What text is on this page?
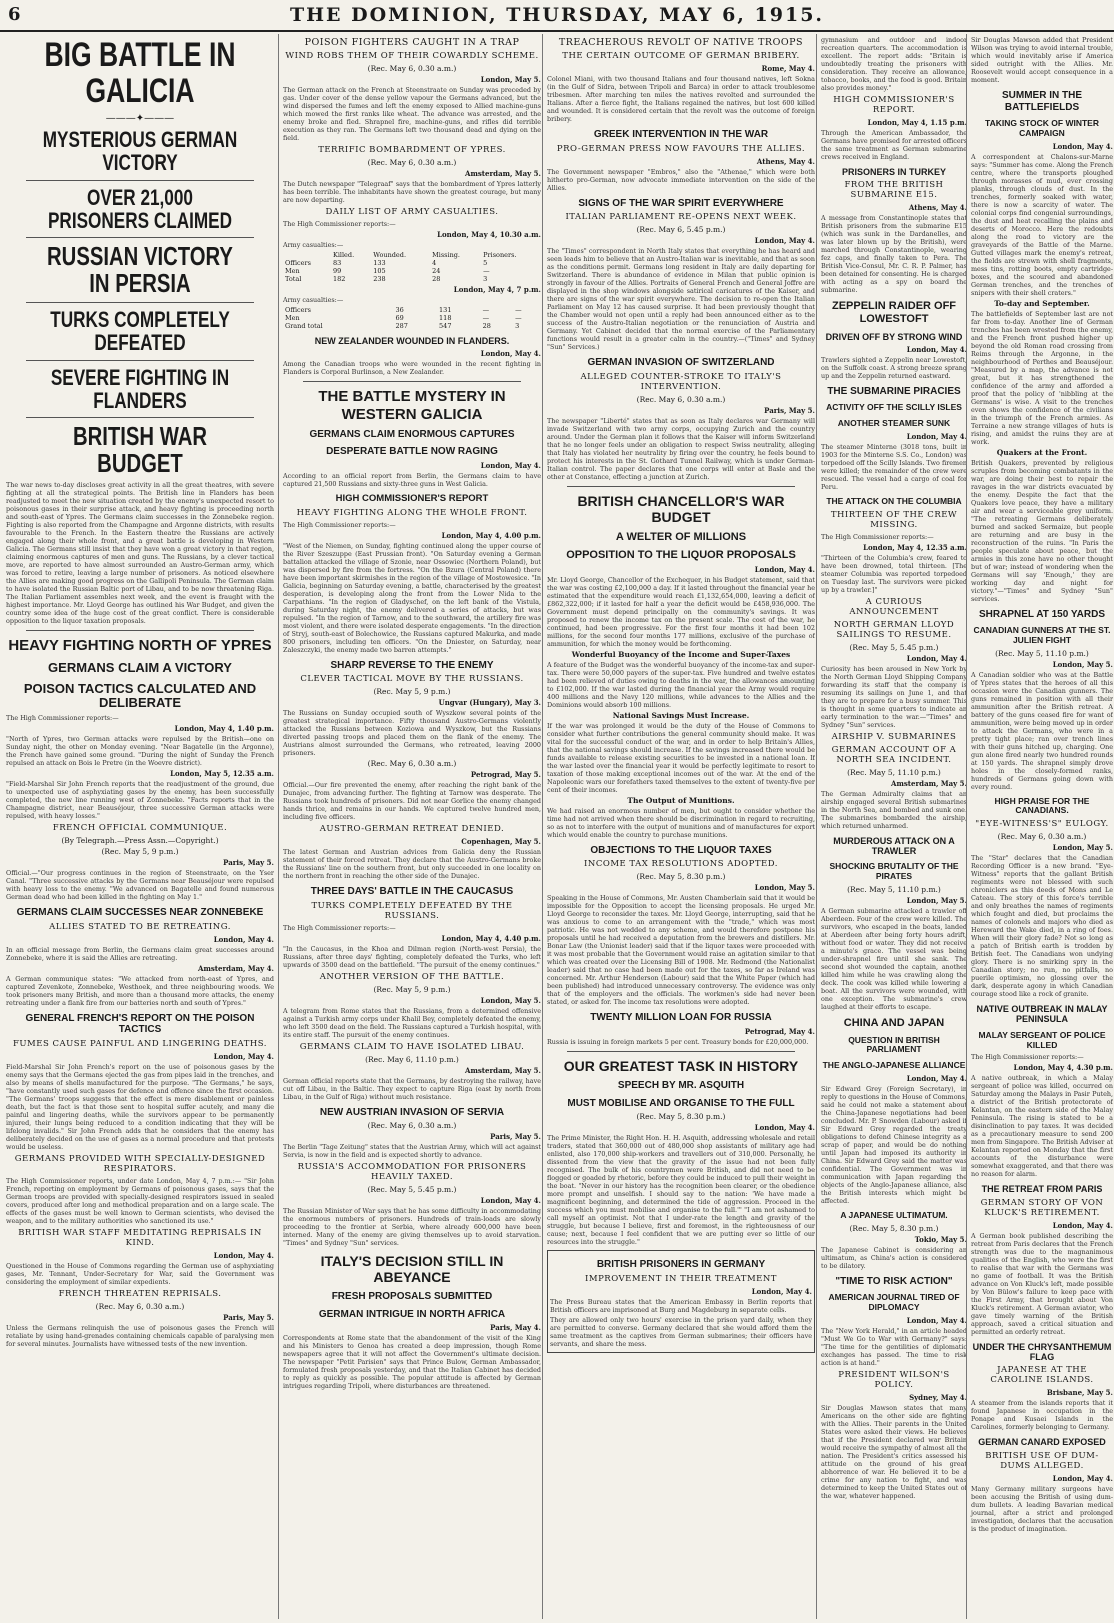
6	THE DOMINION, THURSDAY, MAY 6, 1915.
BIG BATTLE IN GALICIA
———✦———
MYSTERIOUS GERMAN VICTORY
OVER 21,000 PRISONERS CLAIMED
RUSSIAN VICTORY IN PERSIA
TURKS COMPLETELY DEFEATED
SEVERE FIGHTING IN FLANDERS
BRITISH WAR BUDGET

The war news to-day discloses great activity in all the great theatres, with severe fighting at all the strategical points. The British line in Flanders has been readjusted to meet the new situation created by the enemy's unexpected resort to poisonous gases in their surprise attack, and heavy fighting is proceeding north and south-east of Ypres. The Germans claim successes in the Zonnebeke region. Fighting is also reported from the Champagne and Argonne districts, with results favourable to the French. In the Eastern theatre the Russians are actively engaged along their whole front, and a great battle is developing in Western Galicia. The Germans still insist that they have won a great victory in that region, claiming enormous captures of men and guns. The Russians, by a clever tactical move, are reported to have almost surrounded an Austro-German army, which was forced to retire, leaving a large number of prisoners. As noticed elsewhere the Allies are making good progress on the Gallipoli Peninsula. The German claim to have isolated the Russian Baltic port of Libau, and to be now threatening Riga. The Italian Parliament assembles next week, and the event is fraught with the highest importance. Mr. Lloyd George has outlined his War Budget, and given the country some idea of the huge cost of the great conflict. There is considerable opposition to the liquor taxation proposals.

HEAVY FIGHTING NORTH OF YPRES
GERMANS CLAIM A VICTORY
POISON TACTICS CALCULATED AND DELIBERATE

The High Commissioner reports:—

London, May 4, 1.40 p.m.

"North of Ypres, two German attacks were repulsed by the British—one on Sunday night, the other on Monday evening. "Near Bagatelle (in the Argonne), the French have gained some ground. "During the night of Sunday the French repulsed an attack on Bois le Pretre (in the Woevre district).

London, May 5, 12.35 a.m.

"Field-Marshal Sir John French reports that the readjustment of the ground, due to unexpected use of asphyxiating gases by the enemy, has been successfully completed, the new line running west of Zonnebeke. "Facts reports that in the Champagne district, near Beauséjour, three successive German attacks were repulsed, with heavy losses."

FRENCH OFFICIAL COMMUNIQUE.
(By Telegraph.—Press Assn.—Copyright.)
(Rec. May 5, 9 p.m.)
Paris, May 5.

Official.—"Our progress continues in the region of Steenstraate, on the Yser Canal. "Three successive attacks by the Germans near Beauséjour were repulsed with heavy loss to the enemy. "We advanced on Bagatelle and found numerous German dead who had been killed in the fighting on May 1."

GERMANS CLAIM SUCCESSES NEAR ZONNEBEKE
ALLIES STATED TO BE RETREATING.
London, May 4.

In an official message from Berlin, the Germans claim great successes around Zonnebeke, where it is said the Allies are retreating.

Amsterdam, May 4.

A German communique states: "We attacked from north-east of Ypres, and captured Zevenkote, Zonnebeke, Westhoek, and three neighbouring woods. We took prisoners many British, and more than a thousand more attacks, the enemy retreating under a flank fire from our batteries north and south of Ypres."

GENERAL FRENCH'S REPORT ON THE POISON TACTICS
FUMES CAUSE PAINFUL AND LINGERING DEATHS.
London, May 4.

Field-Marshal Sir John French's report on the use of poisonous gases by the enemy says that the Germans ejected the gas from pipes laid in the trenches, and also by means of shells manufactured for the purpose. "The Germans," he says, "have constantly used such gases for defence and offence since the first occasion. "The Germans' troops suggests that the effect is mere disablement or painless death, but the fact is that those sent to hospital suffer acutely, and many die painful and lingering deaths, while the survivors appear to be permanently injured, their lungs being reduced to a condition indicating that they will be lifelong invalids." Sir John French adds that he considers that the enemy has deliberately decided on the use of gases as a normal procedure and that protests would be useless.

GERMANS PROVIDED WITH SPECIALLY-DESIGNED RESPIRATORS.

The High Commissioner reports, under date London, May 4, 7 p.m.:— "Sir John French, reporting on employment by Germans of poisonous gases, says that the German troops are provided with specially-designed respirators issued in sealed covers, produced after long and methodical preparation and on a large scale. The effects of the gases must be well known to German scientists, who devised the weapon, and to the military authorities who sanctioned its use."

BRITISH WAR STAFF MEDITATING REPRISALS IN KIND.
London, May 4.

Questioned in the House of Commons regarding the German use of asphyxiating gases, Mr. Tennant, Under-Secretary for War, said the Government was considering the employment of similar expedients.

FRENCH THREATEN REPRISALS.
(Rec. May 6, 0.30 a.m.)
Paris, May 5.

Unless the Germans relinquish the use of poisonous gases the French will retaliate by using hand-grenades containing chemicals capable of paralysing men for several minutes. Journalists have witnessed tests of the new invention.

POISON FIGHTERS CAUGHT IN A TRAP
WIND ROBS THEM OF THEIR COWARDLY SCHEME.
(Rec. May 6, 0.30 a.m.)
London, May 5.

The German attack on the French at Steenstraate on Sunday was preceded by gas. Under cover of the dense yellow vapour the Germans advanced, but the wind dispersed the fumes and left the enemy exposed to Allied machine-guns which mowed the first ranks like wheat. The advance was arrested, and the enemy broke and fled. Shrapnel fire, machine-guns, and rifles did terrible execution as they ran. The Germans left two thousand dead and dying on the field.

TERRIFIC BOMBARDMENT OF YPRES.
(Rec. May 6, 0.30 a.m.)
Amsterdam, May 5.

The Dutch newspaper "Telegraaf" says that the bombardment of Ypres latterly has been terrible. The inhabitants have shown the greatest courage, but many are now departing.

DAILY LIST OF ARMY CASUALTIES.

The High Commissioner reports:—

London, May 4, 10.30 a.m.

Army casualties:—

	Killed.	Wounded.	Missing.	Prisoners.
Officers	83	133	4	5
Men	99	105	24	—
Total	182	238	28	3
London, May 4, 7 p.m.

Army casualties:—

Officers	36	131	—	—
Men	69	118	—	—
Grand total	287	547	28	3
NEW ZEALANDER WOUNDED IN FLANDERS.
London, May 4.

Among the Canadian troops who were wounded in the recent fighting in Flanders is Corporal Burlinson, a New Zealander.

THE BATTLE MYSTERY IN WESTERN GALICIA
GERMANS CLAIM ENORMOUS CAPTURES
DESPERATE BATTLE NOW RAGING
London, May 4.

According to an official report from Berlin, the Germans claim to have captured 21,500 Russians and sixty-three guns in West Galicia.

HIGH COMMISSIONER'S REPORT
HEAVY FIGHTING ALONG THE WHOLE FRONT.

The High Commissioner reports:—

London, May 4, 4.00 p.m.

"West of the Niemen, on Sunday, fighting continued along the upper course of the River Szeszuppe (East Prussian front). "On Saturday evening a German battalion attacked the village of Szonie, near Ossowiec (Northern Poland), but was dispersed by fire from the fortress. "On the Bzura (Central Poland) there have been important skirmishes in the region of the village of Mostowesice. "In Galicia, beginning on Saturday evening, a battle, characterised by the greatest desperation, is developing along the front from the Lower Nida to the Carpathians. "In the region of Gladyschef, on the left bank of the Vistula, during Saturday night, the enemy delivered a series of attacks, but was repulsed. "In the region of Tarnow, and to the southward, the artillery fire was most violent, and there were isolated desperate engagements. "In the direction of Stryj, south-east of Bolechowice, the Russians captured Makurka, and made 800 prisoners, including ten officers. "On the Dniester, on Saturday, near Zaleszczyki, the enemy made two barren attempts."

SHARP REVERSE TO THE ENEMY
CLEVER TACTICAL MOVE BY THE RUSSIANS.
(Rec. May 5, 9 p.m.)
Ungvar (Hungary), May 3.

The Russians on Sunday occupied south of Wyszkow several points of the greatest strategical importance. Fifty thousand Austro-Germans violently attacked the Russians between Koziowa and Wyszkow, but the Russians diverted passing troops and placed them on the flank of the enemy. The Austrians almost surrounded the Germans, who retreated, leaving 2000 prisoners.

(Rec. May 6, 0.30 a.m.)
Petrograd, May 5.

Official.—Our fire prevented the enemy, after reaching the right bank of the Dunajec, from advancing further. The fighting at Tarnow was desperate. The Russians took hundreds of prisoners. Did not near Gorlice the enemy changed hands thrice, and remains in our hands. We captured twelve hundred men, including five officers.

AUSTRO-GERMAN RETREAT DENIED.
Copenhagen, May 5.

The latest German and Austrian advices from Galicia deny the Russian statement of their forced retreat. They declare that the Austro-Germans broke the Russians' line on the southern front, but only succeeded in one locality on the northern front in reaching the other side of the Dunajec.

THREE DAYS' BATTLE IN THE CAUCASUS
TURKS COMPLETELY DEFEATED BY THE RUSSIANS.

The High Commissioner reports:—

London, May 4, 4.40 p.m.

"In the Caucasus, in the Khoa and Dilman region (North-west Persia), the Russians, after three days' fighting, completely defeated the Turks, who left upwards of 3500 dead on the battlefield. "The pursuit of the enemy continues."

ANOTHER VERSION OF THE BATTLE.
(Rec. May 5, 9 p.m.)
London, May 5.

A telegram from Rome states that the Russians, from a determined offensive against a Turkish army corps under Khalil Bey, completely defeated the enemy, who left 3500 dead on the field. The Russians captured a Turkish hospital, with its entire staff. The pursuit of the enemy continues.

GERMANS CLAIM TO HAVE ISOLATED LIBAU.
(Rec. May 6, 11.10 p.m.)
Amsterdam, May 5.

German official reports state that the Germans, by destroying the railway, have cut off Libau, in the Baltic. They expect to capture Riga (east by north from Libau, in the Gulf of Riga) without much resistance.

NEW AUSTRIAN INVASION OF SERVIA
(Rec. May 6, 0.30 a.m.)
Paris, May 5.

The Berlin "Tage Zeitung" states that the Austrian Army, which will act against Servia, is now in the field and is expected shortly to advance.

RUSSIA'S ACCOMMODATION FOR PRISONERS HEAVILY TAXED.
(Rec. May 5, 5.45 p.m.)
London, May 4.

The Russian Minister of War says that he has some difficulty in accommodating the enormous numbers of prisoners. Hundreds of train-loads are slowly proceeding to the frontier at Serbia, where already 600,000 have been interned. Many of the enemy are giving themselves up to avoid starvation. "Times" and Sydney "Sun" services.

ITALY'S DECISION STILL IN ABEYANCE
FRESH PROPOSALS SUBMITTED
GERMAN INTRIGUE IN NORTH AFRICA
Paris, May 4.

Correspondents at Rome state that the abandonment of the visit of the King and his Ministers to Genoa has created a deep impression, though Rome newspapers agree that it will not affect the Government's ultimate decision. The newspaper "Petit Parisien" says that Prince Bulow, German Ambassador, formulated fresh proposals yesterday, and that the Italian Cabinet has decided to reply as quickly as possible. The popular attitude is affected by German intrigues regarding Tripoli, where disturbances are threatened.

TREACHEROUS REVOLT OF NATIVE TROOPS
THE CERTAIN OUTCOME OF GERMAN BRIBERY.
Rome, May 4.

Colonel Miani, with two thousand Italians and four thousand natives, left Sokna (in the Gulf of Sidra, between Tripoli and Barca) in order to attack troublesome tribesmen. After marching ten miles the natives revolted and surrounded the Italians. After a fierce fight, the Italians regained the natives, but lost 600 killed and wounded. It is considered certain that the revolt was the outcome of foreign bribery.

GREEK INTERVENTION IN THE WAR
PRO-GERMAN PRESS NOW FAVOURS THE ALLIES.
Athens, May 4.

The Government newspaper "Embros," also the "Athenae," which were both hitherto pro-German, now advocate immediate intervention on the side of the Allies.

SIGNS OF THE WAR SPIRIT EVERYWHERE
ITALIAN PARLIAMENT RE-OPENS NEXT WEEK.
(Rec. May 6, 5.45 p.m.)
London, May 4.

The "Times" correspondent in North Italy states that everything he has heard and seen leads him to believe that an Austro-Italian war is inevitable, and that as soon as the conditions permit. Germans long resident in Italy are daily departing for Switzerland. There is abundance of evidence in Milan that public opinion is strongly in favour of the Allies. Portraits of General French and General Joffre are displayed in the shop windows alongside satirical caricatures of the Kaiser, and there are signs of the war spirit everywhere. The decision to re-open the Italian Parliament on May 12 has caused surprise. It had been previously thought that the Chamber would not open until a reply had been announced either as to the success of the Austro-Italian negotiation or the renunciation of Austria and Germany. Yet Cabinet decided that the normal exercise of the Parliamentary functions would result in a greater calm in the country.—("Times" and Sydney "Sun" Services.)

GERMAN INVASION OF SWITZERLAND
ALLEGED COUNTER-STROKE TO ITALY'S INTERVENTION.
(Rec. May 6, 0.30 a.m.)
Paris, May 5.

The newspaper "Liberté" states that as soon as Italy declares war Germany will invade Switzerland with two army corps, occupying Zurich and the country around. Under the German plan it follows that the Kaiser will inform Switzerland that he no longer feels under an obligation to respect Swiss neutrality, alleging that Italy has violated her neutrality by firing over the country, he feels bound to protect his interests in the St. Gothard Tunnel Railway, which is under German-Italian control. The paper declares that one corps will enter at Basle and the other at Constance, effecting a junction at Zurich.

BRITISH CHANCELLOR'S WAR BUDGET
A WELTER OF MILLIONS
OPPOSITION TO THE LIQUOR PROPOSALS
London, May 4.

Mr. Lloyd George, Chancellor of the Exchequer, in his Budget statement, said that the war was costing £2,100,000 a day. If it lasted throughout the financial year he estimated that the expenditure would reach £1,132,654,000, leaving a deficit of £862,322,000; if it lasted for half a year the deficit would be £458,936,000. The Government must depend principally on the community's savings. It was proposed to renew the income tax on the present scale. The cost of the war, he continued, had been progressive. For the first four months it had been 102 millions, for the second four months 177 millions, exclusive of the purchase of ammunition, for which the money would be forthcoming.

Wonderful Buoyancy of the Income and Super-Taxes

A feature of the Budget was the wonderful buoyancy of the income-tax and super-tax. There were 50,000 payers of the super-tax. Five hundred and twelve estates had been relieved of duties owing to deaths in the war, the allowances amounting to £102,000. If the war lasted during the financial year the Army would require 400 millions and the Navy 120 millions, while advances to the Allies and the Dominions would absorb 100 millions.

National Savings Must Increase.

If the war was prolonged it would be the duty of the House of Commons to consider what further contributions the general community should make. It was vital for the successful conduct of the war, and in order to help Britain's Allies, that the national savings should increase. If the savings increased there would be funds available to release existing securities to be invested in a national loan. If the war lasted over the financial year it would be perfectly legitimate to resort to taxation of those making exceptional incomes out of the war. At the end of the Napoleonic wars our forefathers taxed themselves to the extent of twenty-five per cent of their incomes.

The Output of Munitions.

We had raised an enormous number of men, but ought to consider whether the time had not arrived when there should be discrimination in regard to recruiting, so as not to interfere with the output of munitions and of manufactures for export which would enable the country to purchase munitions.

OBJECTIONS TO THE LIQUOR TAXES
INCOME TAX RESOLUTIONS ADOPTED.
(Rec. May 5, 8.30 p.m.)
London, May 5.

Speaking in the House of Commons, Mr. Austen Chamberlain said that it would be impossible for the Opposition to accept the licensing proposals. He urged Mr. Lloyd George to reconsider the taxes. Mr. Lloyd George, interrupting, said that he was anxious to come to an arrangement with the "trade," which was most patriotic. He was not wedded to any scheme, and would therefore postpone his proposals until he had received a deputation from the brewers and distillers. Mr. Bonar Law (the Unionist leader) said that if the liquor taxes were proceeded with it was most probable that the Government would raise an agitation similar to that which was created over the Licensing Bill of 1908. Mr. Redmond (the Nationalist leader) said that no case had been made out for the taxes, so far as Ireland was concerned. Mr. Arthur Henderson (Labour) said that the White Paper (which had been published) had introduced unnecessary controversy. The evidence was only that of the employers and the officials. The workmen's side had never been stated, or asked for. The income tax resolutions were adopted.

TWENTY MILLION LOAN FOR RUSSIA
Petrograd, May 4.

Russia is issuing in foreign markets 5 per cent. Treasury bonds for £20,000,000.

OUR GREATEST TASK IN HISTORY
SPEECH BY MR. ASQUITH
MUST MOBILISE AND ORGANISE TO THE FULL
(Rec. May 5, 8.30 p.m.)
London, May 4.

The Prime Minister, the Right Hon. H. H. Asquith, addressing wholesale and retail traders, stated that 360,000 out of 480,000 shop assistants of military age had enlisted, also 170,000 ship-workers and travellers out of 310,000. Personally, he dissented from the view that the gravity of the issue had not been fully recognised. The bulk of his countrymen were British, and did not need to be flogged or goaded by rhetoric, before they could be induced to pull their weight in the boat. "Never in our history has the recognition been clearer, or the obedience more prompt and unselfish. I should say to the nation: 'We have made a magnificent beginning, and determined the tide of aggression. Proceed in the success which you must mobilise and organise to the full.'" "I am not ashamed to call myself an optimist. Not that I under-rate the length and gravity of the struggle, but because I believe, first and foremost, in the righteousness of our cause; next, because I feel confident that we are putting ever so little of our resources into the struggle."

BRITISH PRISONERS IN GERMANY
IMPROVEMENT IN THEIR TREATMENT
London, May 4.

The Press Bureau states that the American Embassy in Berlin reports that British officers are imprisoned at Burg and Magdeburg in separate cells.

They are allowed only two hours' exercise in the prison yard daily, when they are permitted to converse. Germany declared that she would afford them the same treatment as the captives from German submarines; their officers have servants, and share the mess.

gymnasium and outdoor and indoor recreation quarters. The accommodation is excellent. The report adds: "Britain is undoubtedly treating the prisoners with consideration. They receive an allowance, tobacco, books, and the food is good. Britain also provides money."

HIGH COMMISSIONER'S REPORT.
London, May 4, 1.15 p.m.

Through the American Ambassador, the Germans have promised for arrested officers the same treatment as German submarine crews received in England.

PRISONERS IN TURKEY
FROM THE BRITISH SUBMARINE E15.
Athens, May 4.

A message from Constantinople states that British prisoners from the submarine E15 (which was sunk in the Dardanelles, and was later blown up by the British), were marched through Constantinople, wearing fez caps, and finally taken to Pera. The British Vice-Consul, Mr. C. R. P. Palmer, has been detained for consenting. He is charged with acting as a spy on board the submarine.

ZEPPELIN RAIDER OFF LOWESTOFT
DRIVEN OFF BY STRONG WIND
London, May 4.

Trawlers sighted a Zeppelin near Lowestoft, on the Suffolk coast. A strong breeze sprang up and the Zeppelin returned eastward.

THE SUBMARINE PIRACIES
ACTIVITY OFF THE SCILLY ISLES
ANOTHER STEAMER SUNK
London, May 4.

The steamer Minterne (3018 tons, built in 1903 for the Minterne S.S. Co., London) was torpedoed off the Scilly Islands. Two firemen were killed; the remainder of the crew were rescued. The vessel had a cargo of coal for Peru.

THE ATTACK ON THE COLUMBIA
THIRTEEN OF THE CREW MISSING.

The High Commissioner reports:—

London, May 4, 12.35 a.m.

"Thirteen of the Columbia's crew, feared to have been drowned, total thirteen. [The steamer Columbia was reported torpedoed on Tuesday last. The survivors were picked up by a trawler.]"

A CURIOUS ANNOUNCEMENT
NORTH GERMAN LLOYD SAILINGS TO RESUME.
(Rec. May 5, 5.45 p.m.)
London, May 4.

Curiosity has been aroused in New York by the North German Lloyd Shipping Company forwarding its staff that the company is resuming its sailings on June 1, and that they are to prepare for a busy summer. This is thought in some quarters to indicate an early termination to the war.—"Times" and Sydney "Sun" services.

AIRSHIP V. SUBMARINES
GERMAN ACCOUNT OF A NORTH SEA INCIDENT.
(Rec. May 5, 11.10 p.m.)
Amsterdam, May 5.

The German Admiralty claims that an airship engaged several British submarines in the North Sea, and bombed and sunk one. The submarines bombarded the airship, which returned unharmed.

MURDEROUS ATTACK ON A TRAWLER
SHOCKING BRUTALITY OF THE PIRATES
(Rec. May 5, 11.10 p.m.)
London, May 5.

A German submarine attacked a trawler off Aberdeen. Four of the crew were killed. The survivors, who escaped in the boats, landed at Aberdeen after being forty hours adrift, without food or water. They did not receive a minute's grace. The vessel was being under-shrapnel fire until she sank. The second shot wounded the captain, another killed him while he was crawling along the deck. The cook was killed while lowering a boat. All the survivors were wounded, with one exception. The submarine's crew laughed at their efforts to escape.

CHINA AND JAPAN
QUESTION IN BRITISH PARLIAMENT
THE ANGLO-JAPANESE ALLIANCE
London, May 4.

Sir Edward Grey (Foreign Secretary), in reply to questions in the House of Commons, said he could not make a statement about the China-Japanese negotiations had been concluded. Mr. P. Snowden (Labour) asked if Sir Edward Grey regarded the treaty obligations to defend Chinese integrity as a scrap of paper, and would be do nothing until Japan had imposed its authority in China. Sir Edward Grey said the matter was confidential. The Government was in communication with Japan regarding the objects of the Anglo-Japanese alliance, also the British interests which might be affected.

A JAPANESE ULTIMATUM.
(Rec. May 5, 8.30 p.m.)
Tokio, May 5.

The Japanese Cabinet is considering an ultimatum, as China's action is considered to be dilatory.

"TIME TO RISK ACTION"
AMERICAN JOURNAL TIRED OF DIPLOMACY
London, May 4.

The "New York Herald," in an article headed "Must We Go to War with Germany?" says: "The time for the gentilities of diplomatic exchanges has passed. The time to risk action is at hand."

PRESIDENT WILSON'S POLICY.
Sydney, May 4.

Sir Douglas Mawson states that many Americans on the other side are fighting with the Allies. Their parents in the United States were asked their views. He believes that if the President declared war Britain would receive the sympathy of almost all the nation. The President's critics assessed his attitude on the ground of his great abhorrence of war. He believed it to be a crime for any nation to fight, and was determined to keep the United States out of the war, whatever happened.

Sir Douglas Mawson added that President Wilson was trying to avoid internal trouble, which would inevitably arise if America sided outright with the Allies. Mr. Roosevelt would accept consequence in a moment.

SUMMER IN THE BATTLEFIELDS
TAKING STOCK OF WINTER CAMPAIGN
London, May 4.

A correspondent at Chalons-sur-Marne says: "Summer has come. Along the French centre, where the transports ploughed through morasses of mud, ever crossing planks, through clouds of dust. In the trenches, formerly soaked with water, there is now a scarcity of water. The colonial corps find congenial surroundings, the dust and heat recalling the plains and deserts of Morocco. Here the redoubts along the road to victory are the graveyards of the Battle of the Marne. Gutted villages mark the enemy's retreat, the fields are strewn with shell fragments, mess tins, rotting boots, empty cartridge-boxes, and the scoured and abandoned German trenches, and the trenches of snipers with their shell craters."

To-day and September.

The battlefields of September last are not far from to-day. Another line of German trenches has been wrested from the enemy, and the French front pushed higher up beyond the old Roman road crossing from Reims through the Argonne, in the neighbourhood of Perthes and Beauséjour. "Measured by a map, the advance is not great, but it has strengthened the confidence of the army and afforded a proof that the policy of 'nibbling at the Germans' is wise. A visit to the trenches even shows the confidence of the civilians in the triumph of the French armies. As Terraine a new strange villages of huts is rising, and amidst the ruins they are at work.

Quakers at the Front.

British Quakers, prevented by religious scruples from becoming combatants in the war, are doing their best to repair the ravages in the war districts evacuated by the enemy. Despite the fact that the Quakers love peace, they have a military air and wear a serviceable grey uniform. "The retreating Germans deliberately burned and sacked Sermaize, but people are returning and are busy in the reconstruction of the ruins. "In Paris the people speculate about peace, but the armies in this zone have no other thought but of war; instead of wondering when the Germans will say 'Enough,' they are working day and night for victory."—"Times" and Sydney "Sun" services.

SHRAPNEL AT 150 YARDS
CANADIAN GUNNERS AT THE ST. JULIEN FIGHT
(Rec. May 5, 11.10 p.m.)
London, May 5.

A Canadian soldier who was at the Battle of Ypres states that the heroes of all this occasion were the Canadian gunners. The guns remained in position with all their ammunition after the British retreat. A battery of the guns ceased fire for want of ammunition, were being moved up in order to attack the Germans, who were in a pretty tight place; ran over trench lines with their guns hitched up, charging. One gun alone fired nearly two hundred rounds at 150 yards. The shrapnel simply drove holes in the closely-formed ranks, hundreds of Germans going down with every round.

HIGH PRAISE FOR THE CANADIANS.
"EYE-WITNESS'S" EULOGY.
(Rec. May 6, 0.30 a.m.)
London, May 5.

The "Star" declares that the Canadian Recording Officer is a new brand. "Eye-Witness" reports that the gallant British regiments were not blessed with such chroniclers as this deeds of Mons and Le Cateau. The story of this force's terrible and only breathes the names of regiments which fought and died, but proclaims the names of colonels and majors who died as Hereward the Wake died, in a ring of foes. When will their glory fade? Not so long as a patch of British earth is trodden by British feet. The Canadians won undying glory. There is no smirking spry in the Canadian story; no run, no pitfalls, no puerile optimism, no glossing over the dark, desperate agony in which Canadian courage stood like a rock of granite.

NATIVE OUTBREAK IN MALAY PENINSULA
MALAY SERGEANT OF POLICE KILLED

The High Commissioner reports:—

London, May 4, 4.30 p.m.

A native outbreak, in which a Malay sergeant of police was killed, occurred on Saturday among the Malays in Pasir Puteh, a district of the British protectorate of Kelantan, on the eastern side of the Malay Peninsula. The rising is stated to be a disinclination to pay taxes. It was decided as a precautionary measure to send 200 men from Singapore. The British Adviser at Kelantan reported on Monday that the first accounts of the disturbance were somewhat exaggerated, and that there was no reason for alarm.

THE RETREAT FROM PARIS
GERMAN STORY OF VON KLUCK'S RETIREMENT.
London, May 4.

A German book published describing the retreat from Paris declares that the French strength was due to the magnanimous qualities of the English, who were the first to realise that war with the Germans was no game of football. It was the British advance on Von Kluck's left, made possible by Von Bülow's failure to keep pace with the First Army, that brought about Von Kluck's retirement. A German aviator, who gave timely warning of the British approach, saved a critical situation and permitted an orderly retreat.

UNDER THE CHRYSANTHEMUM FLAG
JAPANESE AT THE CAROLINE ISLANDS.
Brisbane, May 5.

A steamer from the islands reports that it found Japanese in occupation in the Ponape and Kusaei Islands in the Carolines, formerly belonging to Germany.

GERMAN CANARD EXPOSED
BRITISH USE OF DUM-DUMS ALLEGED.
London, May 4.

Many Germany military surgeons have been accusing the British of using dum-dum bullets. A leading Bavarian medical journal, after a strict and prolonged investigation, declares that the accusation is the product of imagination.
